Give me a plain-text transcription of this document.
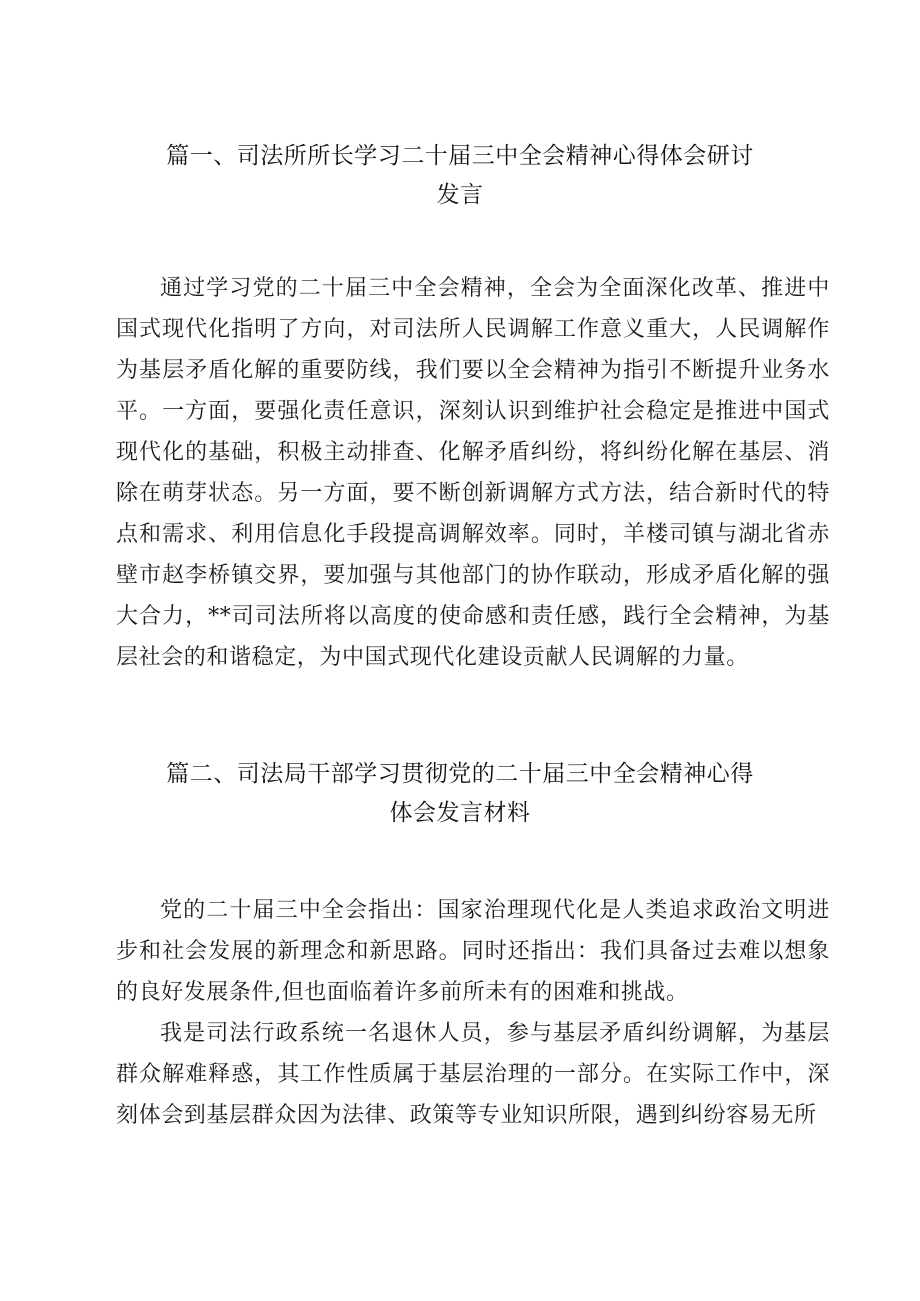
篇一、司法所所长学习二十届三中全会精神心得体会研讨
发言

通过学习党的二十届三中全会精神，全会为全面深化改革、推进中国式现代化指明了方向，对司法所人民调解工作意义重大，人民调解作为基层矛盾化解的重要防线，我们要以全会精神为指引不断提升业务水平。一方面，要强化责任意识，深刻认识到维护社会稳定是推进中国式现代化的基础，积极主动排查、化解矛盾纠纷，将纠纷化解在基层、消除在萌芽状态。另一方面，要不断创新调解方式方法，结合新时代的特点和需求、利用信息化手段提高调解效率。同时，羊楼司镇与湖北省赤壁市赵李桥镇交界，要加强与其他部门的协作联动，形成矛盾化解的强大合力，**司司法所将以高度的使命感和责任感，践行全会精神，为基层社会的和谐稳定，为中国式现代化建设贡献人民调解的力量。

篇二、司法局干部学习贯彻党的二十届三中全会精神心得
体会发言材料

党的二十届三中全会指出：国家治理现代化是人类追求政治文明进步和社会发展的新理念和新思路。同时还指出：我们具备过去难以想象的良好发展条件,但也面临着许多前所未有的困难和挑战。

我是司法行政系统一名退休人员，参与基层矛盾纠纷调解，为基层群众解难释惑，其工作性质属于基层治理的一部分。在实际工作中，深刻体会到基层群众因为法律、政策等专业知识所限，遇到纠纷容易无所
